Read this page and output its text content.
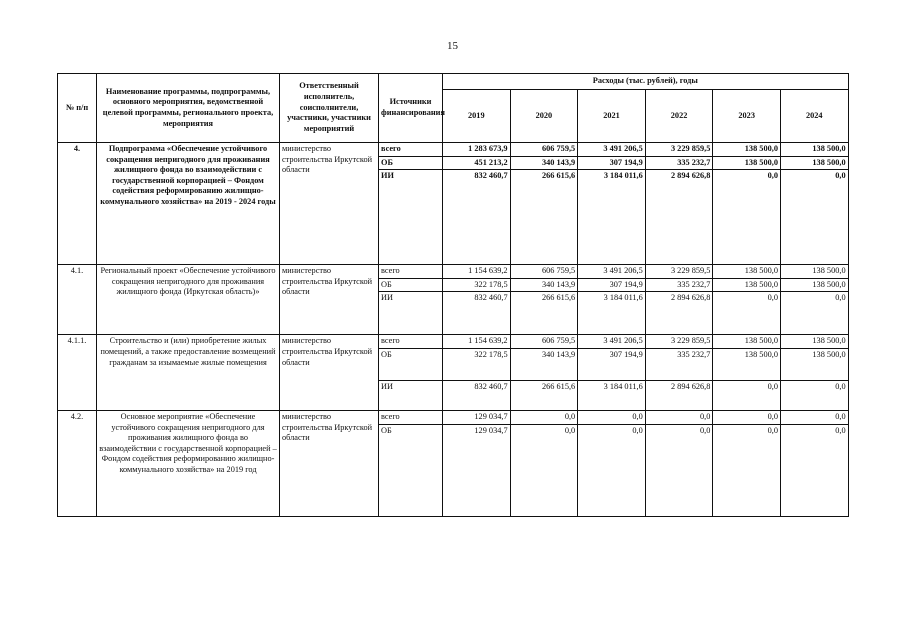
15
№ п/п	Наименование программы, подпрограммы, основного мероприятия, ведомственной целевой программы, регионального проекта, мероприятия	Ответственный исполнитель, соисполнители, участники, участники мероприятий	Источники финансирования	Расходы (тыс. рублей), годы					
				2019	2020	2021	2022	2023	2024
4.	Подпрограмма «Обеспечение устойчивого сокращения непригодного для проживания жилищного фонда во взаимодействии с государственной корпорацией – Фондом содействия реформированию жилищно-коммунального хозяйства» на 2019 - 2024 годы	министерство строительства Иркутской области	всего	1 283 673,9	606 759,5	3 491 206,5	3 229 859,5	138 500,0	138 500,0
			ОБ	451 213,2	340 143,9	307 194,9	335 232,7	138 500,0	138 500,0
			ИИ	832 460,7	266 615,6	3 184 011,6	2 894 626,8	0,0	0,0
4.1.	Региональный проект «Обеспечение устойчивого сокращения непригодного для проживания жилищного фонда (Иркутская область)»	министерство строительства Иркутской области	всего	1 154 639,2	606 759,5	3 491 206,5	3 229 859,5	138 500,0	138 500,0
			ОБ	322 178,5	340 143,9	307 194,9	335 232,7	138 500,0	138 500,0
			ИИ	832 460,7	266 615,6	3 184 011,6	2 894 626,8	0,0	0,0
4.1.1.	Строительство и (или) приобретение жилых помещений, а также предоставление возмещений гражданам за изымаемые жилые помещения	министерство строительства Иркутской области	всего	1 154 639,2	606 759,5	3 491 206,5	3 229 859,5	138 500,0	138 500,0
			ОБ	322 178,5	340 143,9	307 194,9	335 232,7	138 500,0	138 500,0
			ИИ	832 460,7	266 615,6	3 184 011,6	2 894 626,8	0,0	0,0
4.2.	Основное мероприятие «Обеспечение устойчивого сокращения непригодного для проживания жилищного фонда во взаимодействии с государственной корпорацией – Фондом содействия реформированию жилищно-коммунального хозяйства» на 2019 год	министерство строительства Иркутской области	всего	129 034,7	0,0	0,0	0,0	0,0	0,0
			ОБ	129 034,7	0,0	0,0	0,0	0,0	0,0
